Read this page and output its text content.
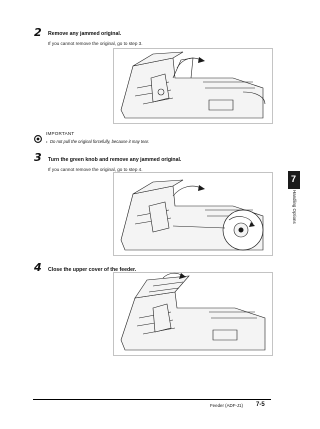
2 Remove any jammed original.
If you cannot remove the original, go to step 3.
IMPORTANT
• Do not pull the original forcefully, because it may tear.
3 Turn the green knob and remove any jammed original.
If you cannot remove the original, go to step 4.
4 Close the upper cover of the feeder.
7
Handling Options
Feeder (ADF-J1) 7-5
